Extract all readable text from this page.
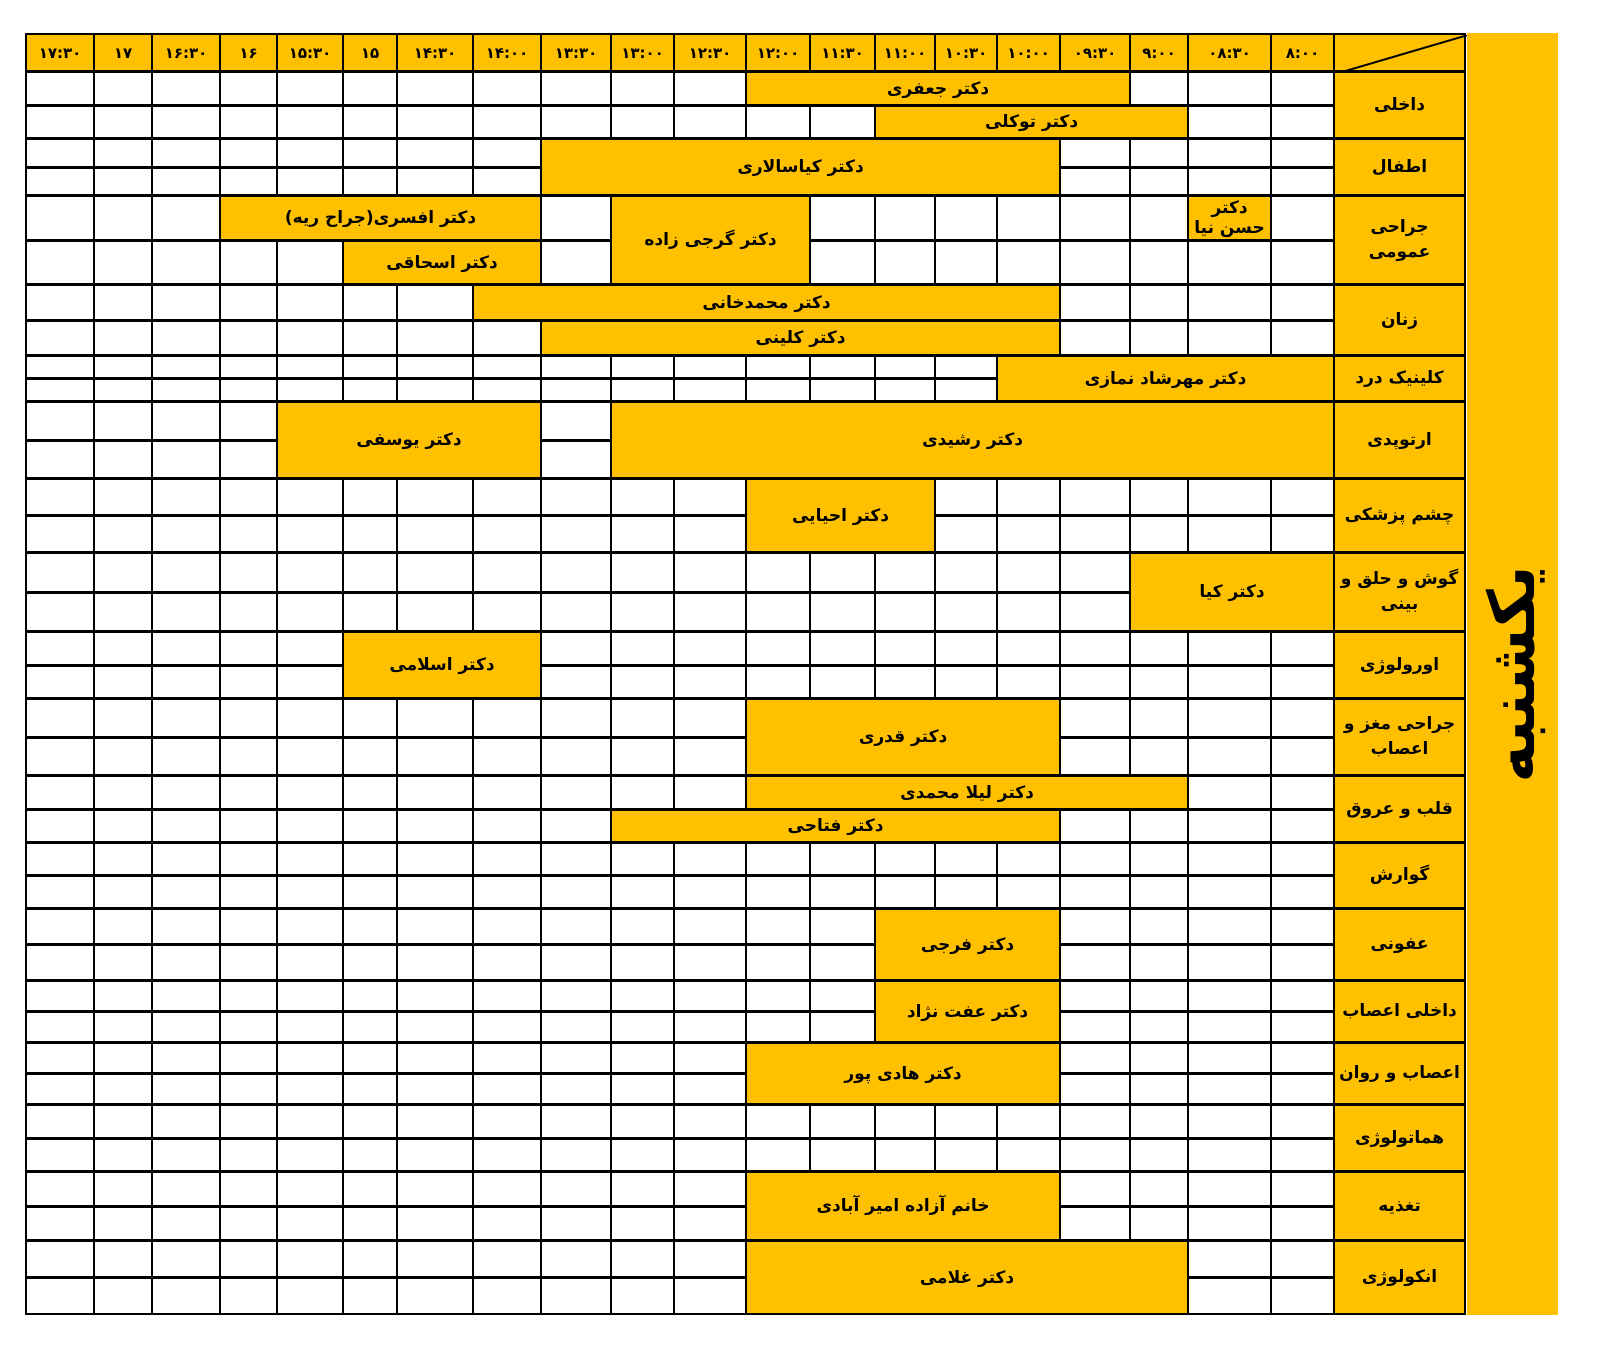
۸:۰۰
۰۸:۳۰
۹:۰۰
۰۹:۳۰
۱۰:۰۰
۱۰:۳۰
۱۱:۰۰
۱۱:۳۰
۱۲:۰۰
۱۲:۳۰
۱۳:۰۰
۱۳:۳۰
۱۴:۰۰
۱۴:۳۰
۱۵
۱۵:۳۰
۱۶
۱۶:۳۰
۱۷
۱۷:۳۰
داخلی
دکتر جعفری
دکتر توکلی
اطفال
دکتر کیاسالاری
جراحی عمومی
دکتر حسن نیا
دکتر گرجی زاده
دکتر افسری(جراح ریه)
دکتر اسحاقی
زنان
دکتر محمدخانی
دکتر کلینی
کلینیک درد
دکتر مهرشاد نمازی
ارتوپدی
دکتر رشیدی
دکتر یوسفی
چشم پزشکی
دکتر احیایی
گوش و حلق و بینی
دکتر کیا
اورولوژی
دکتر اسلامی
جراحی مغز و اعصاب
دکتر قدری
قلب و عروق
دکتر لیلا محمدی
دکتر فتاحی
گوارش
عفونی
دکتر فرجی
داخلی اعصاب
دکتر عفت نژاد
اعصاب و روان
دکتر هادی پور
هماتولوژی
تغذیه
خانم آزاده امیر آبادی
انکولوژی
دکتر غلامی
یکشنبه
